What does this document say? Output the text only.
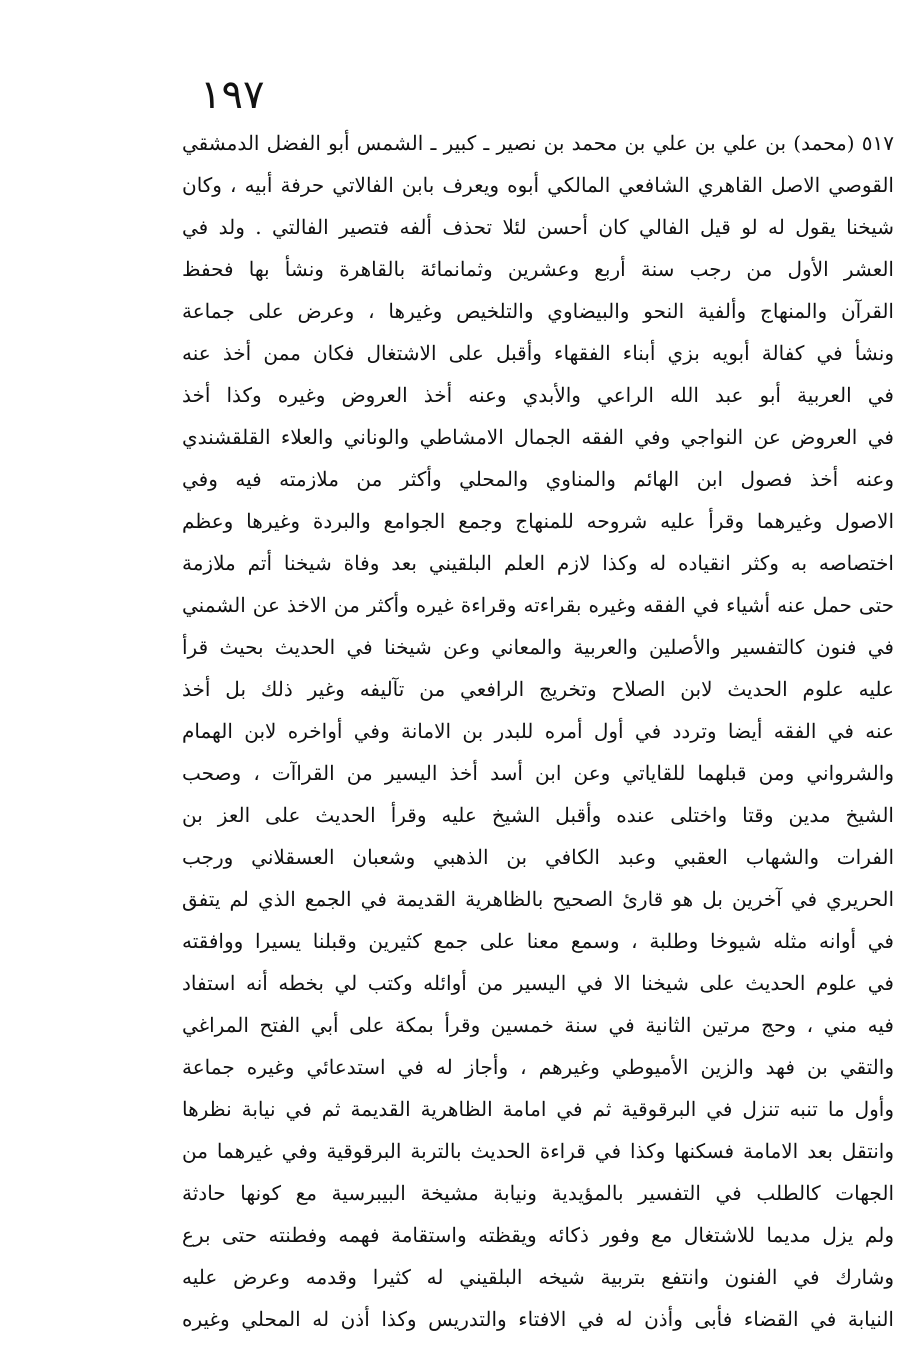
١٩٧
٥١٧ (محمد) بن علي بن علي بن محمد بن نصير ـ كبير ـ الشمس أبو الفضل الدمشقي
القوصي الاصل القاهري الشافعي المالكي أبوه ويعرف بابن الفالاتي حرفة أبيه ، وكان
شيخنا يقول له لو قيل الفالي كان أحسن لئلا تحذف ألفه فتصير الفالتي . ولد في
العشر الأول من رجب سنة أربع وعشرين وثمانمائة بالقاهرة ونشأ بها فحفظ
القرآن والمنهاج وألفية النحو والبيضاوي والتلخيص وغيرها ، وعرض على جماعة
ونشأ في كفالة أبويه بزي أبناء الفقهاء وأقبل على الاشتغال فكان ممن أخذ عنه
في العربية أبو عبد الله الراعي والأبدي وعنه أخذ العروض وغيره وكذا أخذ
في العروض عن النواجي وفي الفقه الجمال الامشاطي والوناني والعلاء القلقشندي
وعنه أخذ فصول ابن الهائم والمناوي والمحلي وأكثر من ملازمته فيه وفي
الاصول وغيرهما وقرأ عليه شروحه للمنهاج وجمع الجوامع والبردة وغيرها وعظم
اختصاصه به وكثر انقياده له وكذا لازم العلم البلقيني بعد وفاة شيخنا أتم ملازمة
حتى حمل عنه أشياء في الفقه وغيره بقراءته وقراءة غيره وأكثر من الاخذ عن الشمني
في فنون كالتفسير والأصلين والعربية والمعاني وعن شيخنا في الحديث بحيث قرأ
عليه علوم الحديث لابن الصلاح وتخريج الرافعي من تآليفه وغير ذلك بل أخذ
عنه في الفقه أيضا وتردد في أول أمره للبدر بن الامانة وفي أواخره لابن الهمام
والشرواني ومن قبلهما للقاياتي وعن ابن أسد أخذ اليسير من القراآت ، وصحب
الشيخ مدين وقتا واختلى عنده وأقبل الشيخ عليه وقرأ الحديث على العز بن
الفرات والشهاب العقبي وعبد الكافي بن الذهبي وشعبان العسقلاني ورجب
الحريري في آخرين بل هو قارئ الصحيح بالظاهرية القديمة في الجمع الذي لم يتفق
في أوانه مثله شيوخا وطلبة ، وسمع معنا على جمع كثيرين وقبلنا يسيرا ووافقته
في علوم الحديث على شيخنا الا في اليسير من أوائله وكتب لي بخطه أنه استفاد
فيه مني ، وحج مرتين الثانية في سنة خمسين وقرأ بمكة على أبي الفتح المراغي
والتقي بن فهد والزين الأميوطي وغيرهم ، وأجاز له في استدعائي وغيره جماعة
وأول ما تنبه تنزل في البرقوقية ثم في امامة الظاهرية القديمة ثم في نيابة نظرها
وانتقل بعد الامامة فسكنها وكذا في قراءة الحديث بالتربة البرقوقية وفي غيرهما من
الجهات كالطلب في التفسير بالمؤيدية ونيابة مشيخة البيبرسية مع كونها حادثة
ولم يزل مديما للاشتغال مع وفور ذكائه ويقظته واستقامة فهمه وفطنته حتى برع
وشارك في الفنون وانتفع بتربية شيخه البلقيني له كثيرا وقدمه وعرض عليه
النيابة في القضاء فأبى وأذن له في الافتاء والتدريس وكذا أذن له المحلي وغيره
